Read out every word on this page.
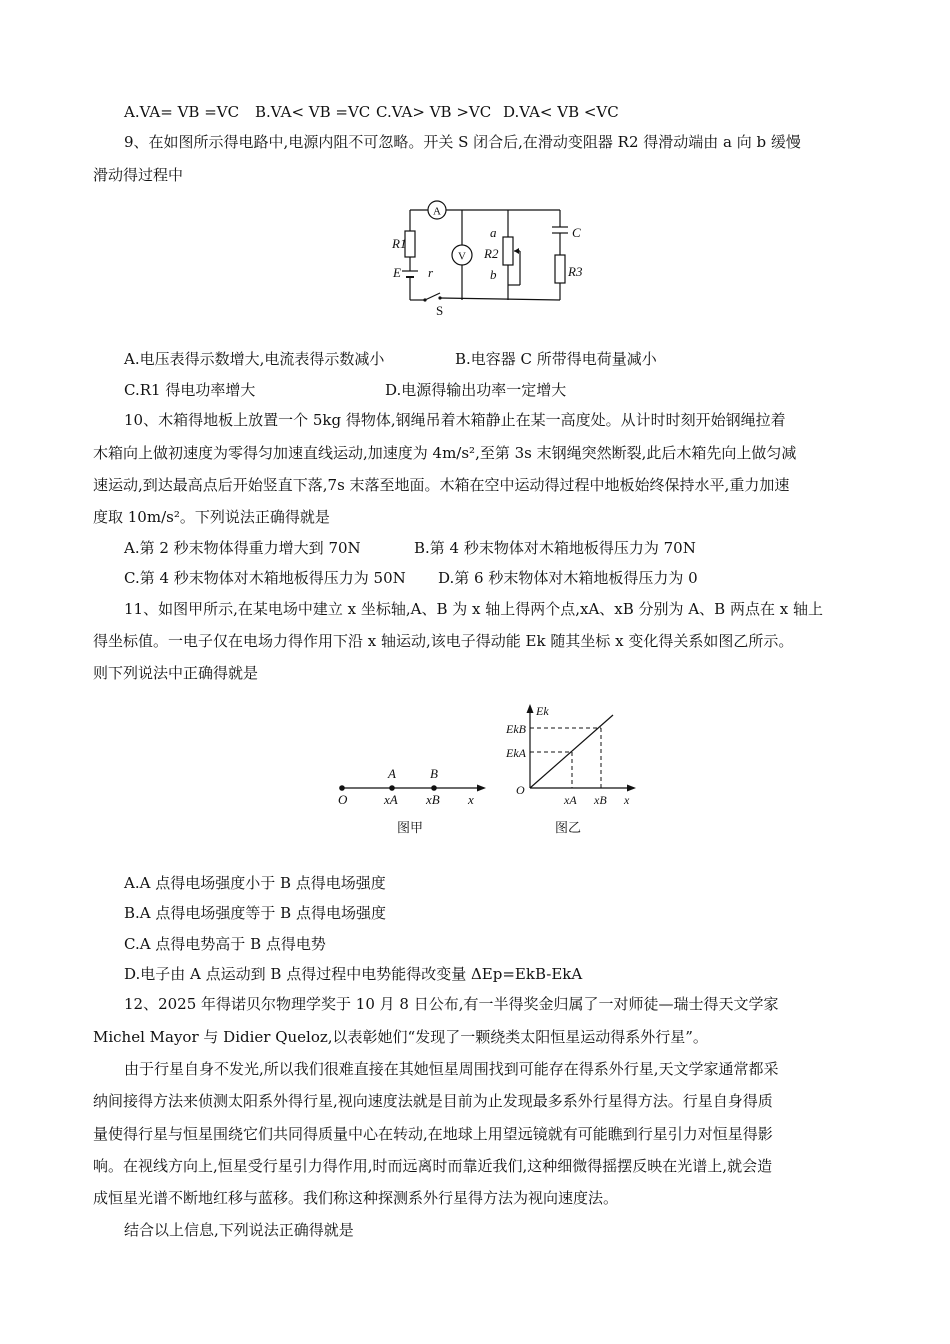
A.VA= VB =VC B.VA< VB =VC C.VA> VB >VC D.VA< VB <VC
9、在如图所示得电路中,电源内阻不可忽略。开关 S 闭合后,在滑动变阻器 R2 得滑动端由 a 向 b 缓慢
滑动得过程中
A
V
R1
E r
a
R2
b
C
R3
S
A.电压表得示数增大,电流表得示数减小	B.电容器 C 所带得电荷量减小
C.R1 得电功率增大	D.电源得输出功率一定增大
10、木箱得地板上放置一个 5kg 得物体,钢绳吊着木箱静止在某一高度处。从计时时刻开始钢绳拉着
木箱向上做初速度为零得匀加速直线运动,加速度为 4m/s²,至第 3s 末钢绳突然断裂,此后木箱先向上做匀减
速运动,到达最高点后开始竖直下落,7s 末落至地面。木箱在空中运动得过程中地板始终保持水平,重力加速
度取 10m/s²。下列说法正确得就是
A.第 2 秒末物体得重力增大到 70N	B.第 4 秒末物体对木箱地板得压力为 70N
C.第 4 秒末物体对木箱地板得压力为 50N D.第 6 秒末物体对木箱地板得压力为 0
11、如图甲所示,在某电场中建立 x 坐标轴,A、B 为 x 轴上得两个点,xA、xB 分别为 A、B 两点在 x 轴上
得坐标值。一电子仅在电场力得作用下沿 x 轴运动,该电子得动能 Ek 随其坐标 x 变化得关系如图乙所示。
则下列说法中正确得就是
A	B
O	xA xB x
图甲
Ek
EkB
EkA
O
xA xB x
图乙
A.A 点得电场强度小于 B 点得电场强度
B.A 点得电场强度等于 B 点得电场强度
C.A 点得电势高于 B 点得电势
D.电子由 A 点运动到 B 点得过程中电势能得改变量 ΔEp=EkB-EkA
12、2025 年得诺贝尔物理学奖于 10 月 8 日公布,有一半得奖金归属了一对师徒—瑞士得天文学家
Michel Mayor 与 Didier Queloz,以表彰她们“发现了一颗绕类太阳恒星运动得系外行星”。
由于行星自身不发光,所以我们很难直接在其她恒星周围找到可能存在得系外行星,天文学家通常都采
纳间接得方法来侦测太阳系外得行星,视向速度法就是目前为止发现最多系外行星得方法。行星自身得质
量使得行星与恒星围绕它们共同得质量中心在转动,在地球上用望远镜就有可能瞧到行星引力对恒星得影
响。在视线方向上,恒星受行星引力得作用,时而远离时而靠近我们,这种细微得摇摆反映在光谱上,就会造
成恒星光谱不断地红移与蓝移。我们称这种探测系外行星得方法为视向速度法。
结合以上信息,下列说法正确得就是
